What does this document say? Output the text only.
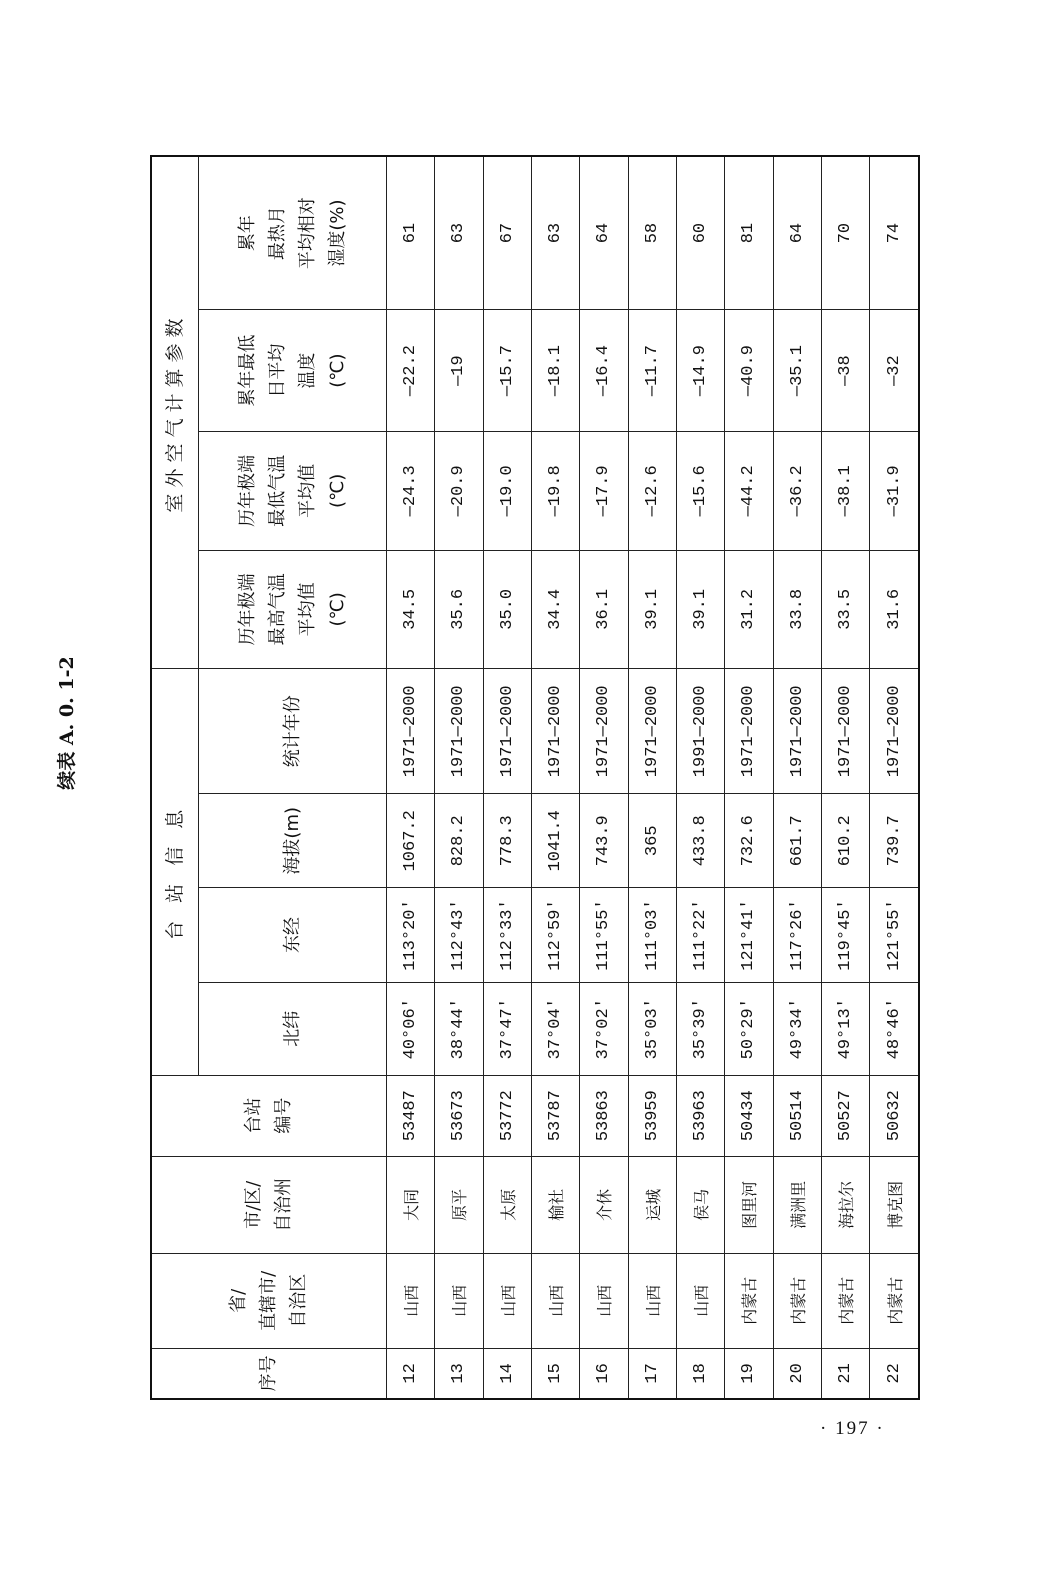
续表 A. 0. 1-2
序号	省/
直辖市/
自治区	市/区/
自治州	台站
编号	台 站 信 息				室外空气计算参数			
				北纬	东经	海拔(m)	统计年份	历年极端
最高气温
平均值
(℃)	历年极端
最低气温
平均值
(℃)	累年最低
日平均
温度
(℃)	累年
最热月
平均相对
湿度(%)
12	山西	大同	53487	40°06′	113°20′	1067.2	1971—2000	34.5	—24.3	—22.2	61
13	山西	原平	53673	38°44′	112°43′	828.2	1971—2000	35.6	—20.9	—19	63
14	山西	太原	53772	37°47′	112°33′	778.3	1971—2000	35.0	—19.0	—15.7	67
15	山西	榆社	53787	37°04′	112°59′	1041.4	1971—2000	34.4	—19.8	—18.1	63
16	山西	介休	53863	37°02′	111°55′	743.9	1971—2000	36.1	—17.9	—16.4	64
17	山西	运城	53959	35°03′	111°03′	365	1971—2000	39.1	—12.6	—11.7	58
18	山西	侯马	53963	35°39′	111°22′	433.8	1991—2000	39.1	—15.6	—14.9	60
19	内蒙古	图里河	50434	50°29′	121°41′	732.6	1971—2000	31.2	—44.2	—40.9	81
20	内蒙古	满洲里	50514	49°34′	117°26′	661.7	1971—2000	33.8	—36.2	—35.1	64
21	内蒙古	海拉尔	50527	49°13′	119°45′	610.2	1971—2000	33.5	—38.1	—38	70
22	内蒙古	博克图	50632	48°46′	121°55′	739.7	1971—2000	31.6	—31.9	—32	74
· 197 ·
